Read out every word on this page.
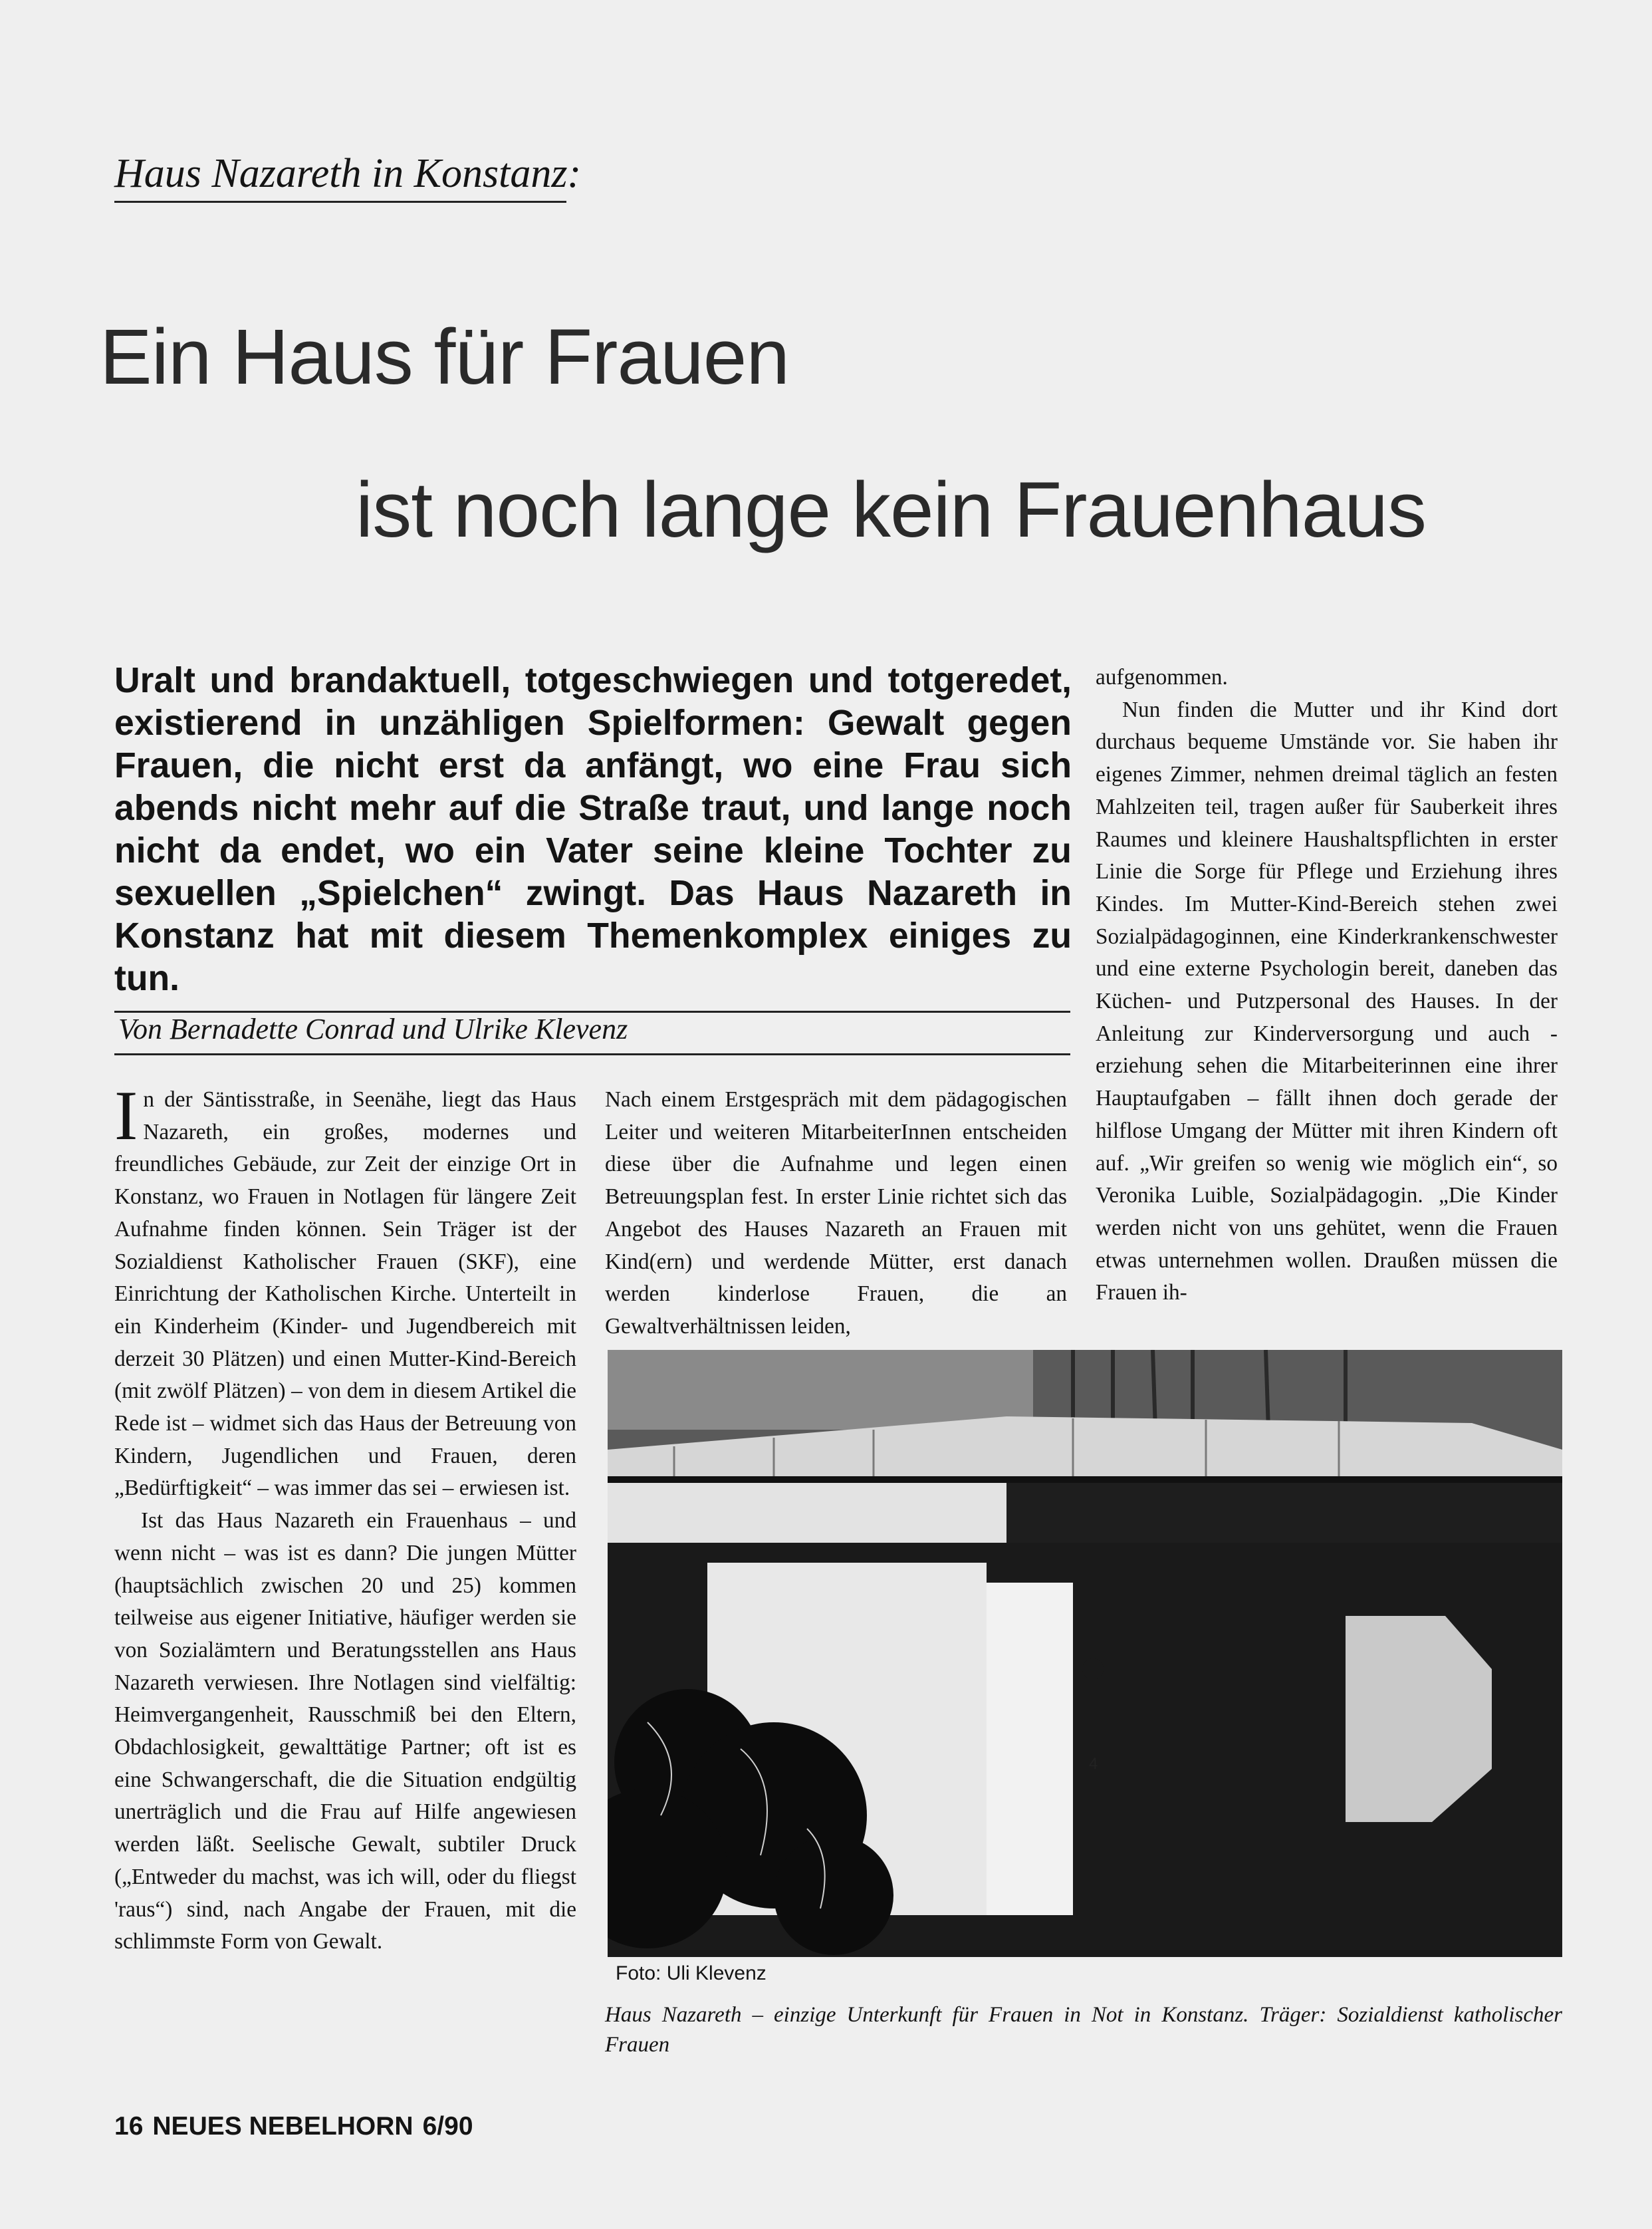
Haus Nazareth in Konstanz:
Ein Haus für Frauen
ist noch lange kein Frauenhaus

Uralt und brandaktuell, totgeschwiegen und totgeredet, existierend in unzähligen Spielformen: Gewalt gegen Frauen, die nicht erst da anfängt, wo eine Frau sich abends nicht mehr auf die Straße traut, und lange noch nicht da endet, wo ein Vater seine kleine Tochter zu sexuellen „Spielchen“ zwingt. Das Haus Nazareth in Konstanz hat mit diesem Themenkomplex einiges zu tun.

Von Bernadette Conrad und Ulrike Klevenz

In der Säntisstraße, in Seenähe, liegt das Haus Nazareth, ein großes, modernes und freundliches Gebäude, zur Zeit der einzige Ort in Konstanz, wo Frauen in Notlagen für längere Zeit Aufnahme finden können. Sein Träger ist der Sozialdienst Katholischer Frauen (SKF), eine Einrichtung der Katholischen Kirche. Unterteilt in ein Kinderheim (Kinder- und Jugendbereich mit derzeit 30 Plätzen) und einen Mutter-Kind-Bereich (mit zwölf Plätzen) – von dem in diesem Artikel die Rede ist – widmet sich das Haus der Betreuung von Kindern, Jugendlichen und Frauen, deren „Bedürftigkeit“ – was immer das sei – erwiesen ist.

Ist das Haus Nazareth ein Frauenhaus – und wenn nicht – was ist es dann? Die jungen Mütter (hauptsächlich zwischen 20 und 25) kommen teilweise aus eigener Initiative, häufiger werden sie von Sozialämtern und Beratungsstellen ans Haus Nazareth verwiesen. Ihre Notlagen sind vielfältig: Heimvergangenheit, Rausschmiß bei den Eltern, Obdachlosigkeit, gewalttätige Partner; oft ist es eine Schwangerschaft, die die Situation endgültig unerträglich und die Frau auf Hilfe angewiesen werden läßt. Seelische Gewalt, subtiler Druck („Entweder du machst, was ich will, oder du fliegst 'raus“) sind, nach Angabe der Frauen, mit die schlimmste Form von Gewalt.

Nach einem Erstgespräch mit dem pädagogischen Leiter und weiteren MitarbeiterInnen entscheiden diese über die Aufnahme und legen einen Betreuungsplan fest. In erster Linie richtet sich das Angebot des Hauses Nazareth an Frauen mit Kind(ern) und werdende Mütter, erst danach werden kinderlose Frauen, die an Gewaltverhältnissen leiden,

aufgenommen.

Nun finden die Mutter und ihr Kind dort durchaus bequeme Umstände vor. Sie haben ihr eigenes Zimmer, nehmen dreimal täglich an festen Mahlzeiten teil, tragen außer für Sauberkeit ihres Raumes und kleinere Haushaltspflichten in erster Linie die Sorge für Pflege und Erziehung ihres Kindes. Im Mutter-Kind-Bereich stehen zwei Sozialpädagoginnen, eine Kinderkrankenschwester und eine externe Psychologin bereit, daneben das Küchen- und Putzpersonal des Hauses. In der Anleitung zur Kinderversorgung und auch -erziehung sehen die Mitarbeiterinnen eine ihrer Hauptaufgaben – fällt ihnen doch gerade der hilflose Umgang der Mütter mit ihren Kindern oft auf. „Wir greifen so wenig wie möglich ein“, so Veronika Luible, Sozialpädagogin. „Die Kinder werden nicht von uns gehütet, wenn die Frauen etwas unternehmen wollen. Draußen müssen die Frauen ih-

4
Foto: Uli Klevenz

Haus Nazareth – einzige Unterkunft für Frauen in Not in Konstanz. Träger: Sozialdienst katholischer Frauen

16 NEUES NEBELHORN 6/90
